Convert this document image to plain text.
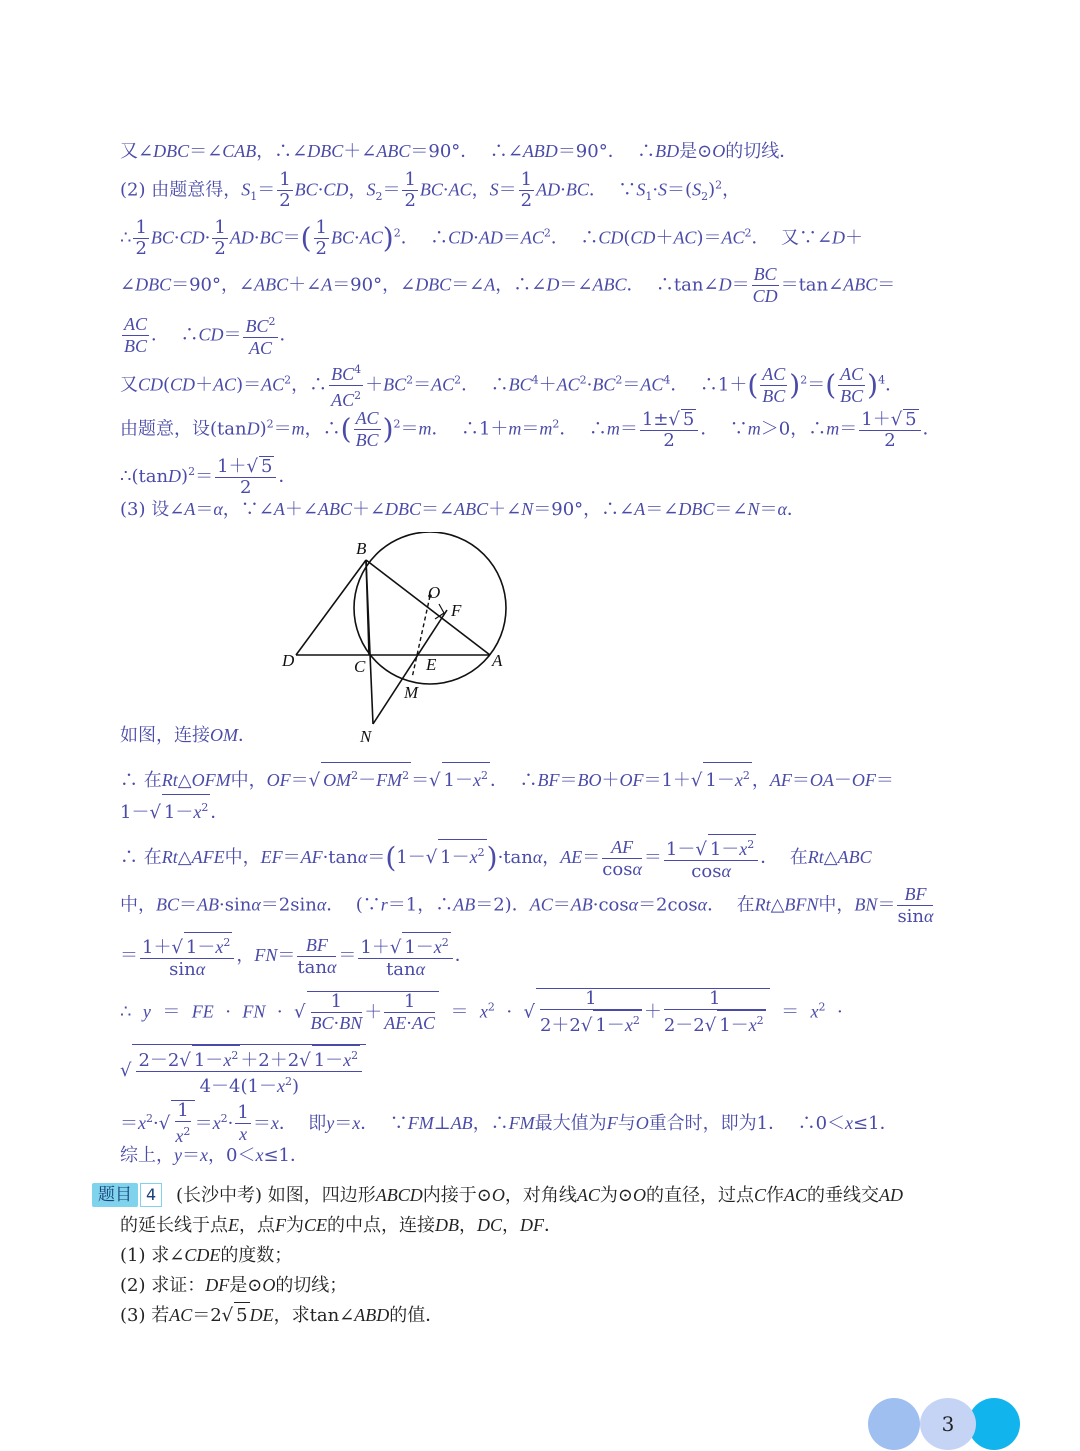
又∠DBC＝∠CAB，∴∠DBC＋∠ABC＝90°．  ∴∠ABD＝90°．  ∴BD是⊙O的切线．
(2) 由题意得，$S_1= \frac{1}{2} BC\cdot CD$，$S_2= \frac{1}{2} BC\cdot AC$，$S= \frac{1}{2} AD\cdot BC$．  $\because S_1\cdot S=(S_2)^2$，
∴ $\frac{1}{2} BC\cdot CD\cdot \frac{1}{2} AD\cdot BC=( \frac{1}{2} BC\cdot AC)^2$．  $\therefore CD\cdot AD=AC^2$．  $\therefore CD(CD+AC)=AC^2$．  又∵∠D＋
∠DBC＝90°，∠ABC＋∠A＝90°，∠DBC＝∠A，∴∠D＝∠ABC．  ∴tan∠D＝ $\frac{BC}{CD}$ ＝tan∠ABC＝
$\frac{AC}{BC}$ ．  ∴CD＝ $\frac{BC^2}{AC}$ ．
又$CD(CD+AC)=AC^2$，∴ $\frac{BC^4}{AC^2} +BC^2=AC^2$．  $\therefore BC^4+AC^2\cdot BC^2=AC^4$．  ∴1＋( $\frac{AC}{BC} )^2=( \frac{AC}{BC} )^4$．
由题意，设$(\tan D)^2=m$，∴( $\frac{AC}{BC} )^2=m$．  $\therefore 1+m=m^2$．  ∴m＝ $\frac{1\pm√ 5}{2}$ ．  ∵m＞0，∴m＝ $\frac{1+√ 5}{2}$ ．
$\therefore(\tan D)^2= \frac{1+√ 5}{2}$ ．
(3) 设∠A＝α，∵∠A＋∠ABC＋∠DBC＝∠ABC＋∠N＝90°，∴∠A＝∠DBC＝∠N＝α．
B
O
F
D	C	E	A
M
N
如图，连接OM．
∴ 在Rt△OFM中，OF＝√ $OM^2-FM^2$ ＝√ $1-x^2$ ．  ∴BF＝BO＋OF＝1＋√ $1-x^2$ ，AF＝OA－OF＝
1－√ $1-x^2$ ．
∴ 在Rt△AFE中，EF＝AF·tanα＝(1－√ $1-x^2)\cdot\tan\alpha$，$AE= \frac{AF}{\cos\alpha} = \frac{1-√ 1-x^2}{\cos\alpha}$ ．  在Rt△ABC
中，BC＝AB·sinα＝2sinα．  (∵r＝1，∴AB＝2)．AC＝AB·cosα＝2cosα．  在Rt△BFN中，$BN= \frac{BF}{\sin\alpha}$
＝ $\frac{1+√ 1-x^2}{\sin\alpha}$ ，$FN= \frac{BF}{\tan\alpha} = \frac{1+√ 1-x^2}{\tan\alpha}$ ．
∴  y  ＝  FE  ·  FN  ·  √ $\frac{1}{BC\cdot BN} + \frac{1}{AE\cdot AC} = x^2$  ·  √ $\frac{1}{2+2√ 1-x^2} + \frac{1}{2-2√ 1-x^2} = x^2$  ·
√ $\frac{2-2√ 1-x^2 +2+2√ 1-x^2}{4-4(1-x^2)}$
$=x^2\cdot√ \frac{1}{x^2} =x^2\cdot \frac{1}{x} =x$．  即y＝x．  ∵FM⊥AB，∴FM最大值为F与O重合时，即为1．  ∴0＜x≤1．
综上，y＝x，0＜x≤1．
题目 4	(长沙中考) 如图，四边形ABCD内接于⊙O，对角线AC为⊙O的直径，过点C作AC的垂线交AD
的延长线于点E，点F为CE的中点，连接DB，DC，DF．
(1) 求∠CDE的度数；
(2) 求证：DF是⊙O的切线；
(3) 若AC＝2√ 5 DE，求tan∠ABD的值．
3
